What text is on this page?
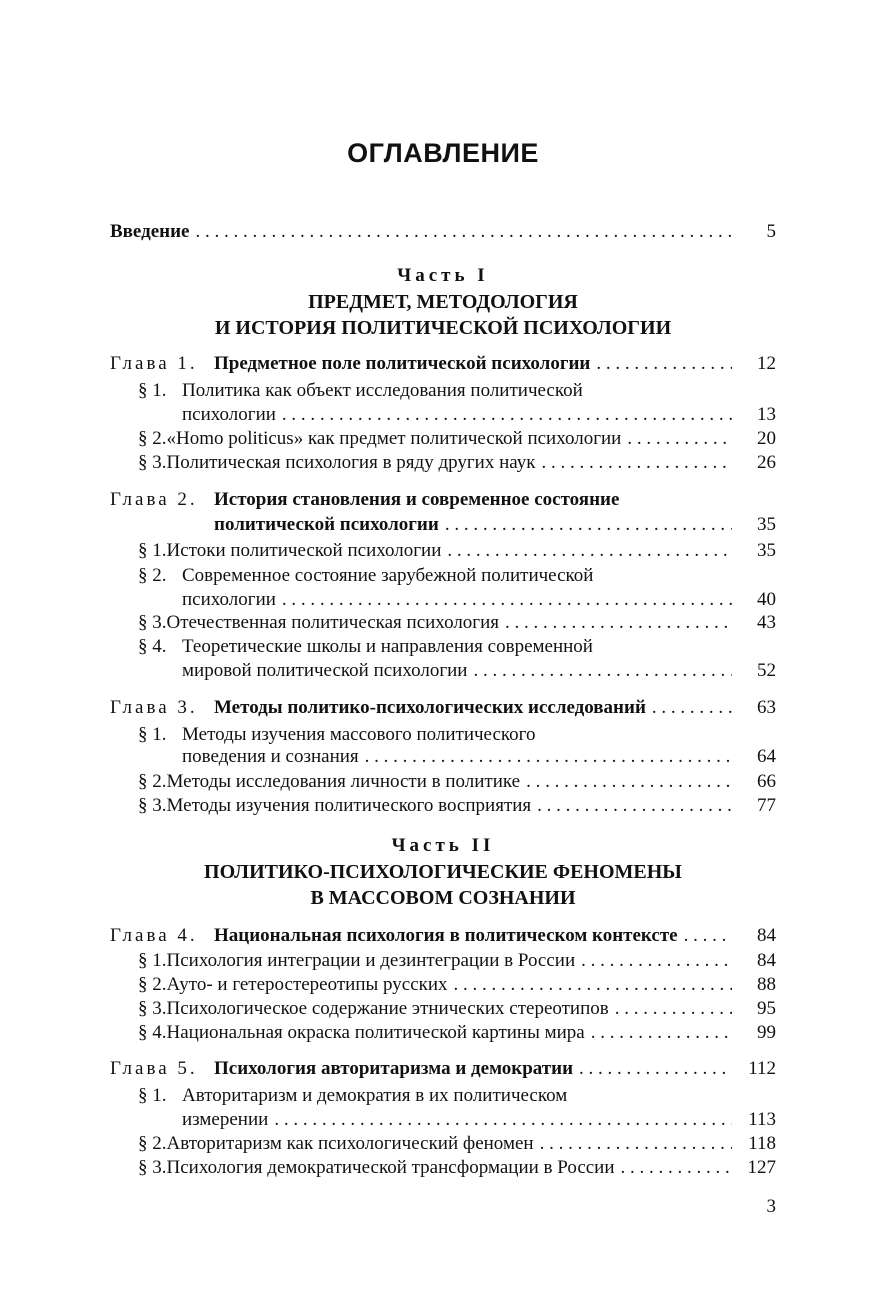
ОГЛАВЛЕНИЕ
Введение . . .	5
Часть I
ПРЕДМЕТ, МЕТОДОЛОГИЯ
И ИСТОРИЯ ПОЛИТИЧЕСКОЙ ПСИХОЛОГИИ
Глава 1. Предметное поле политической психологии . . .	12
§ 1. Политика как объект исследования политической
психологии . . .	13
§ 2. «Homo politicus» как предмет политической психологии . . .	20
§ 3. Политическая психология в ряду других наук . . .	26
Глава 2. История становления и современное состояние
политической психологии . . .	35
§ 1. Истоки политической психологии . . .	35
§ 2. Современное состояние зарубежной политической
психологии . . .	40
§ 3. Отечественная политическая психология . . .	43
§ 4. Теоретические школы и направления современной
мировой политической психологии . . .	52
Глава 3. Методы политико-психологических исследований . . .	63
§ 1. Методы изучения массового политического
поведения и сознания . . .	64
§ 2. Методы исследования личности в политике . . .	66
§ 3. Методы изучения политического восприятия . . .	77
Часть II
ПОЛИТИКО-ПСИХОЛОГИЧЕСКИЕ ФЕНОМЕНЫ
В МАССОВОМ СОЗНАНИИ
Глава 4. Национальная психология в политическом контексте . . .	84
§ 1. Психология интеграции и дезинтеграции в России . . .	84
§ 2. Ауто- и гетеростереотипы русских . . .	88
§ 3. Психологическое содержание этнических стереотипов . . .	95
§ 4. Национальная окраска политической картины мира . . .	99
Глава 5. Психология авторитаризма и демократии . . .	112
§ 1. Авторитаризм и демократия в их политическом
измерении . . .	113
§ 2. Авторитаризм как психологический феномен . . .	118
§ 3. Психология демократической трансформации в России . . .	127
3
